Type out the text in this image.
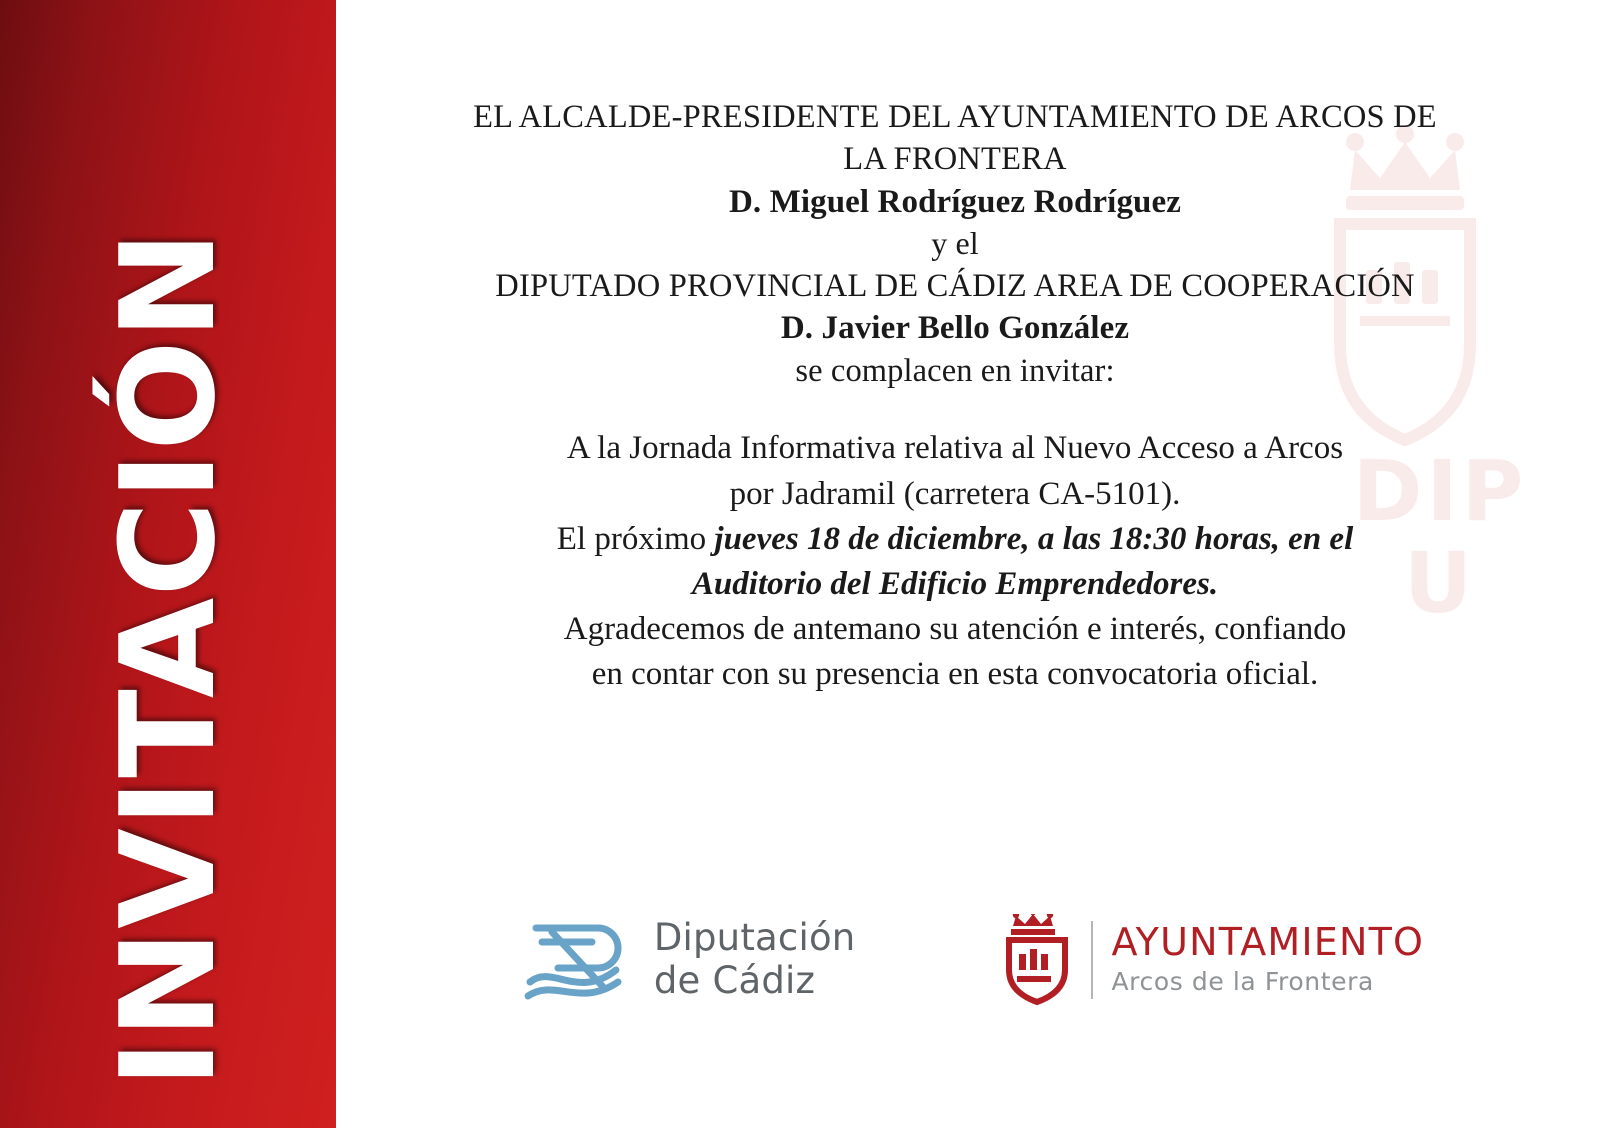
INVITACIÓN	DIP
U
EL ALCALDE-PRESIDENTE DEL AYUNTAMIENTO DE ARCOS DE
LA FRONTERA
D. Miguel Rodríguez Rodríguez
y el
DIPUTADO PROVINCIAL DE CÁDIZ AREA DE COOPERACIÓN
D. Javier Bello González
se complacen en invitar:
A la Jornada Informativa relativa al Nuevo Acceso a Arcos
por Jadramil (carretera CA-5101).
El próximo jueves 18 de diciembre, a las 18:30 horas, en el
Auditorio del Edificio Emprendedores.
Agradecemos de antemano su atención e interés, confiando
en contar con su presencia en esta convocatoria oficial.
Diputación
de Cádiz
AYUNTAMIENTO
Arcos de la Frontera
